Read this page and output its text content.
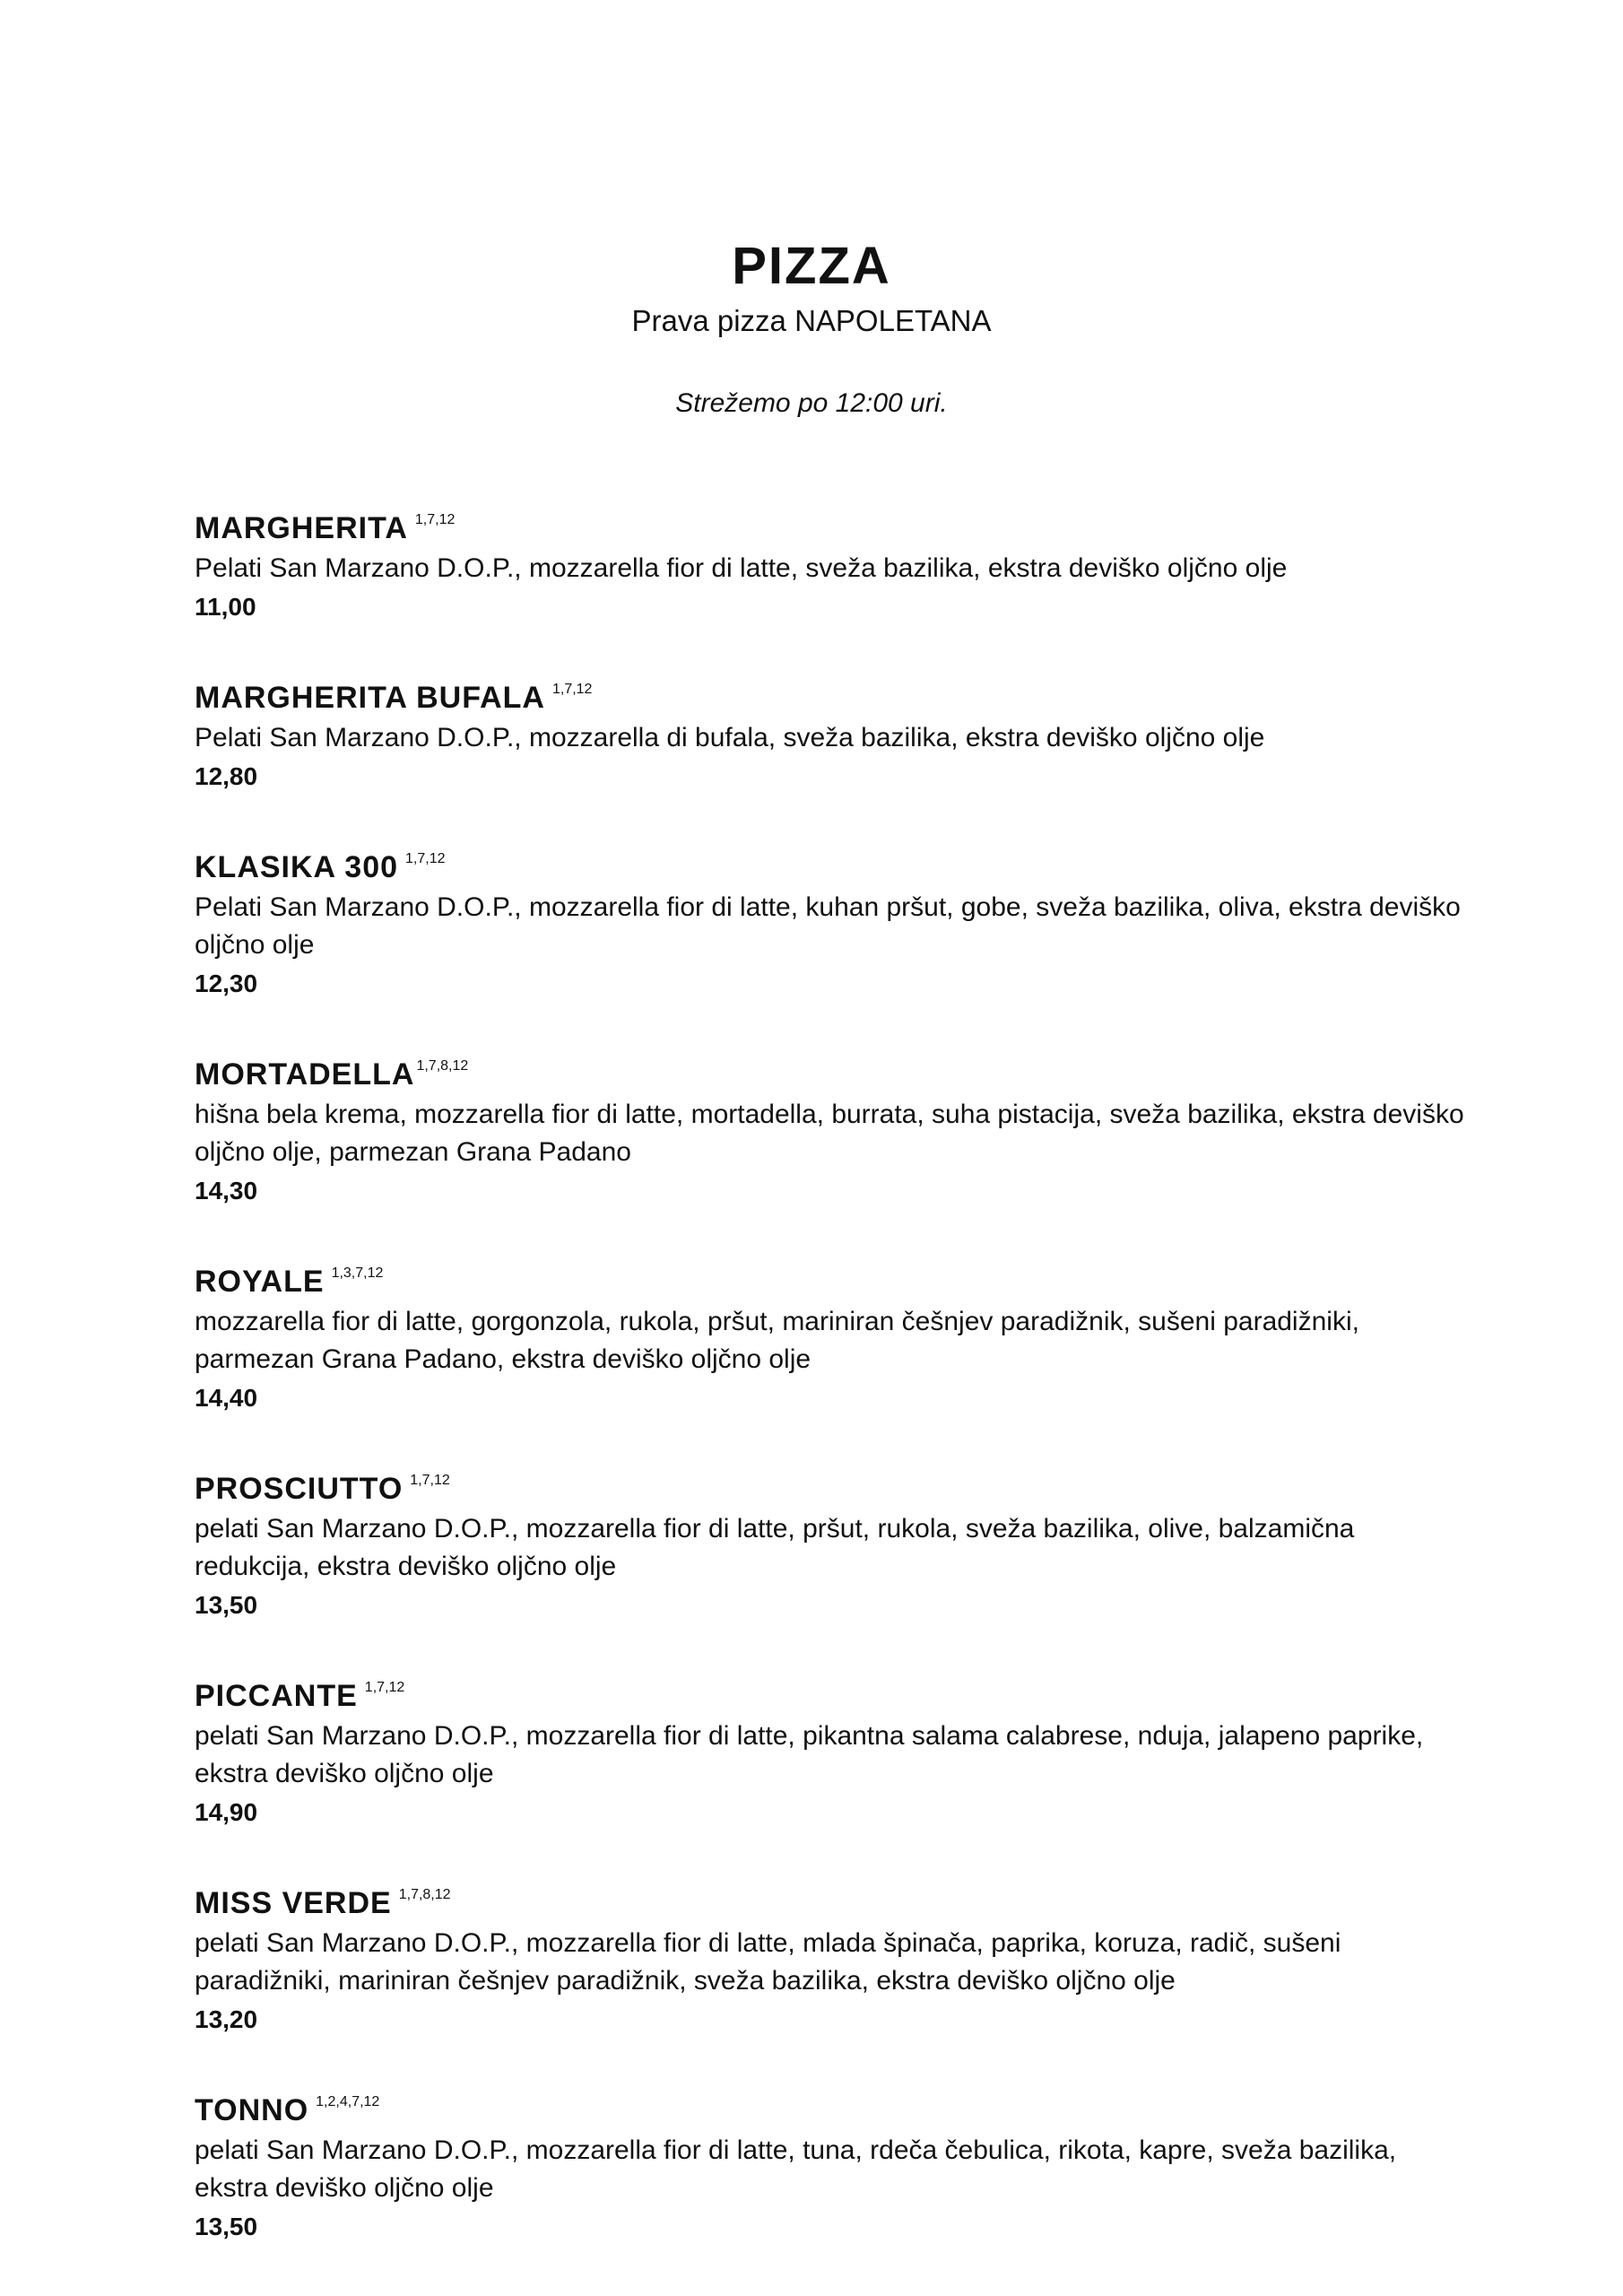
PIZZA

Prava pizza NAPOLETANA

Strežemo po 12:00 uri.

MARGHERITA $^{1,7,12}$

Pelati San Marzano D.O.P., mozzarella fior di latte, sveža bazilika, ekstra deviško oljčno olje

11,00

MARGHERITA BUFALA $^{1,7,12}$

Pelati San Marzano D.O.P., mozzarella di bufala, sveža bazilika, ekstra deviško oljčno olje

12,80

KLASIKA 300 $^{1,7,12}$

Pelati San Marzano D.O.P., mozzarella fior di latte, kuhan pršut, gobe, sveža bazilika, oliva, ekstra deviško oljčno olje

12,30

MORTADELLA $^{1,7,8,12}$

hišna bela krema, mozzarella fior di latte, mortadella, burrata, suha pistacija, sveža bazilika, ekstra deviško oljčno olje, parmezan Grana Padano

14,30

ROYALE $^{1,3,7,12}$

mozzarella fior di latte, gorgonzola, rukola, pršut, mariniran češnjev paradižnik, sušeni paradižniki, parmezan Grana Padano, ekstra deviško oljčno olje

14,40

PROSCIUTTO $^{1,7,12}$

pelati San Marzano D.O.P., mozzarella fior di latte, pršut, rukola, sveža bazilika, olive, balzamična redukcija, ekstra deviško oljčno olje

13,50

PICCANTE $^{1,7,12}$

pelati San Marzano D.O.P., mozzarella fior di latte, pikantna salama calabrese, nduja, jalapeno paprike, ekstra deviško oljčno olje

14,90

MISS VERDE $^{1,7,8,12}$

pelati San Marzano D.O.P., mozzarella fior di latte, mlada špinača, paprika, koruza, radič, sušeni paradižniki, mariniran češnjev paradižnik, sveža bazilika, ekstra deviško oljčno olje

13,20

TONNO $^{1,2,4,7,12}$

pelati San Marzano D.O.P., mozzarella fior di latte, tuna, rdeča čebulica, rikota, kapre, sveža bazilika, ekstra deviško oljčno olje

13,50
